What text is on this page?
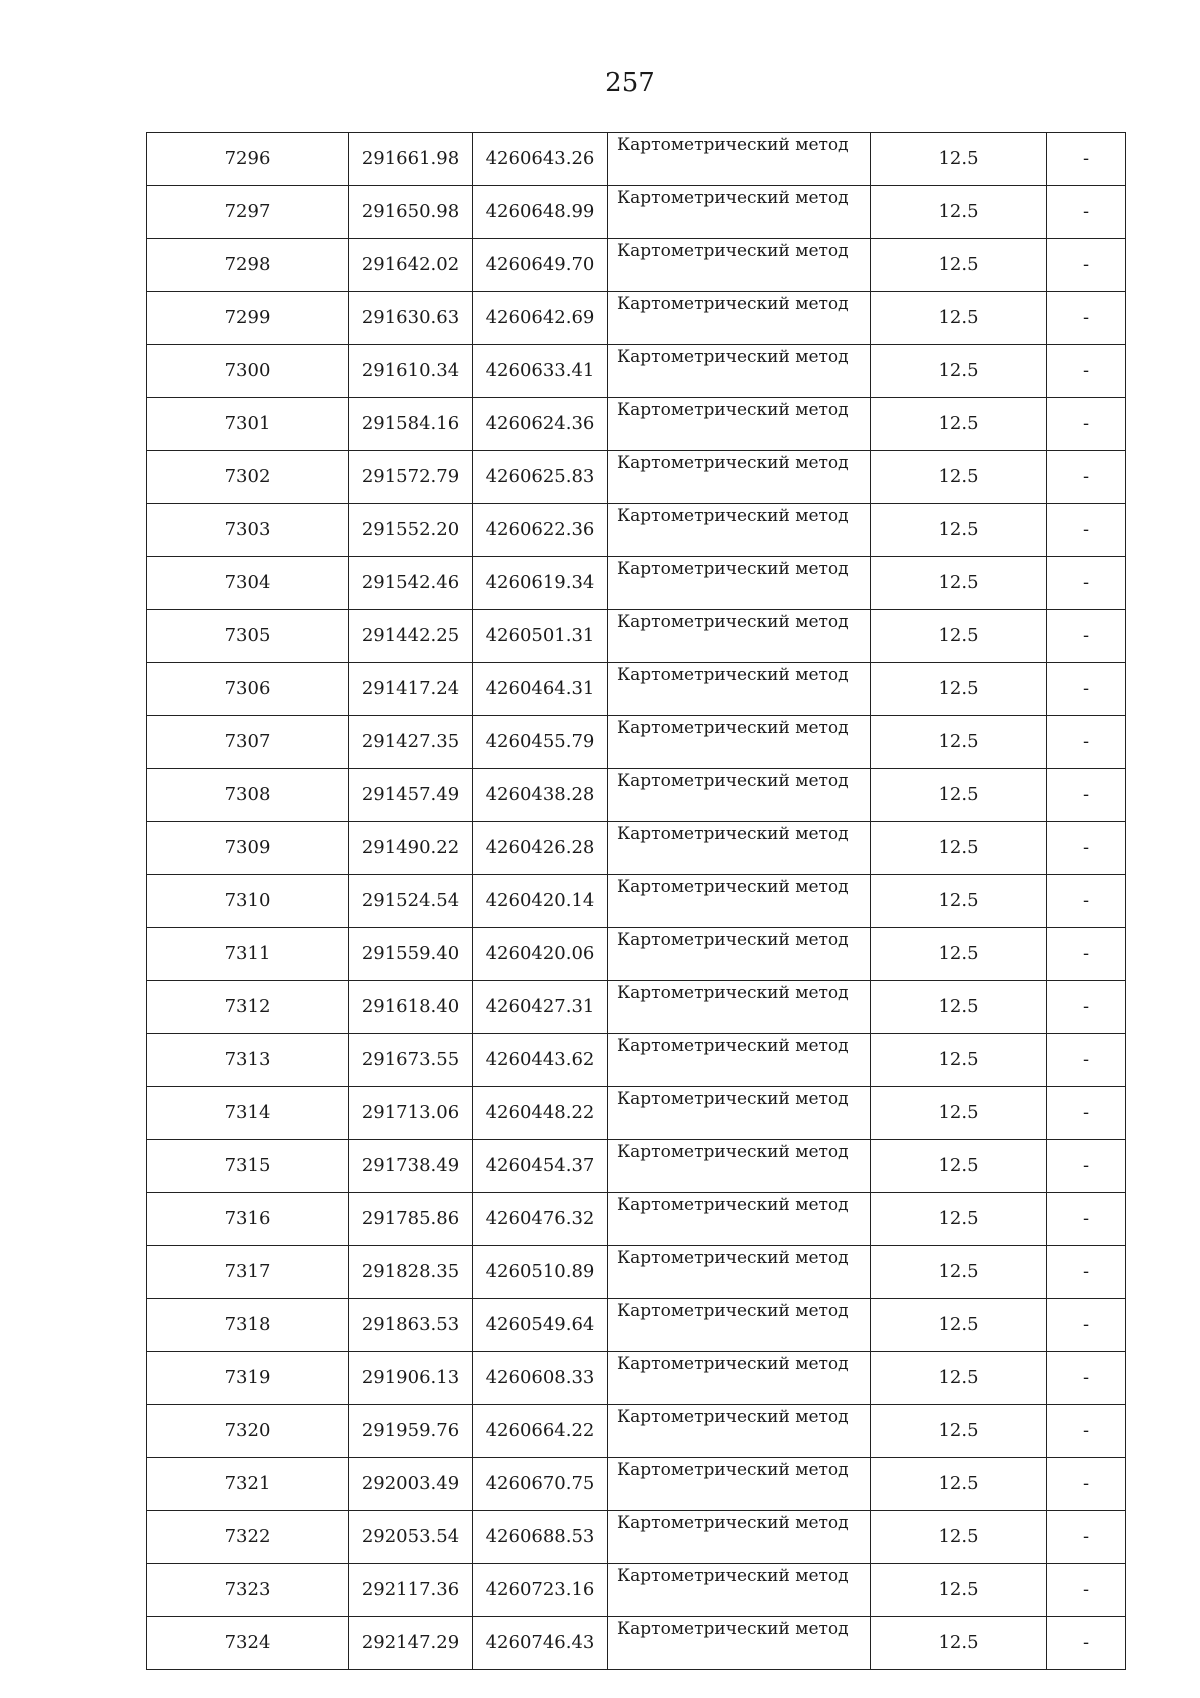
257
7296	291661.98	4260643.26	Картометрический метод	12.5	-
7297	291650.98	4260648.99	Картометрический метод	12.5	-
7298	291642.02	4260649.70	Картометрический метод	12.5	-
7299	291630.63	4260642.69	Картометрический метод	12.5	-
7300	291610.34	4260633.41	Картометрический метод	12.5	-
7301	291584.16	4260624.36	Картометрический метод	12.5	-
7302	291572.79	4260625.83	Картометрический метод	12.5	-
7303	291552.20	4260622.36	Картометрический метод	12.5	-
7304	291542.46	4260619.34	Картометрический метод	12.5	-
7305	291442.25	4260501.31	Картометрический метод	12.5	-
7306	291417.24	4260464.31	Картометрический метод	12.5	-
7307	291427.35	4260455.79	Картометрический метод	12.5	-
7308	291457.49	4260438.28	Картометрический метод	12.5	-
7309	291490.22	4260426.28	Картометрический метод	12.5	-
7310	291524.54	4260420.14	Картометрический метод	12.5	-
7311	291559.40	4260420.06	Картометрический метод	12.5	-
7312	291618.40	4260427.31	Картометрический метод	12.5	-
7313	291673.55	4260443.62	Картометрический метод	12.5	-
7314	291713.06	4260448.22	Картометрический метод	12.5	-
7315	291738.49	4260454.37	Картометрический метод	12.5	-
7316	291785.86	4260476.32	Картометрический метод	12.5	-
7317	291828.35	4260510.89	Картометрический метод	12.5	-
7318	291863.53	4260549.64	Картометрический метод	12.5	-
7319	291906.13	4260608.33	Картометрический метод	12.5	-
7320	291959.76	4260664.22	Картометрический метод	12.5	-
7321	292003.49	4260670.75	Картометрический метод	12.5	-
7322	292053.54	4260688.53	Картометрический метод	12.5	-
7323	292117.36	4260723.16	Картометрический метод	12.5	-
7324	292147.29	4260746.43	Картометрический метод	12.5	-
